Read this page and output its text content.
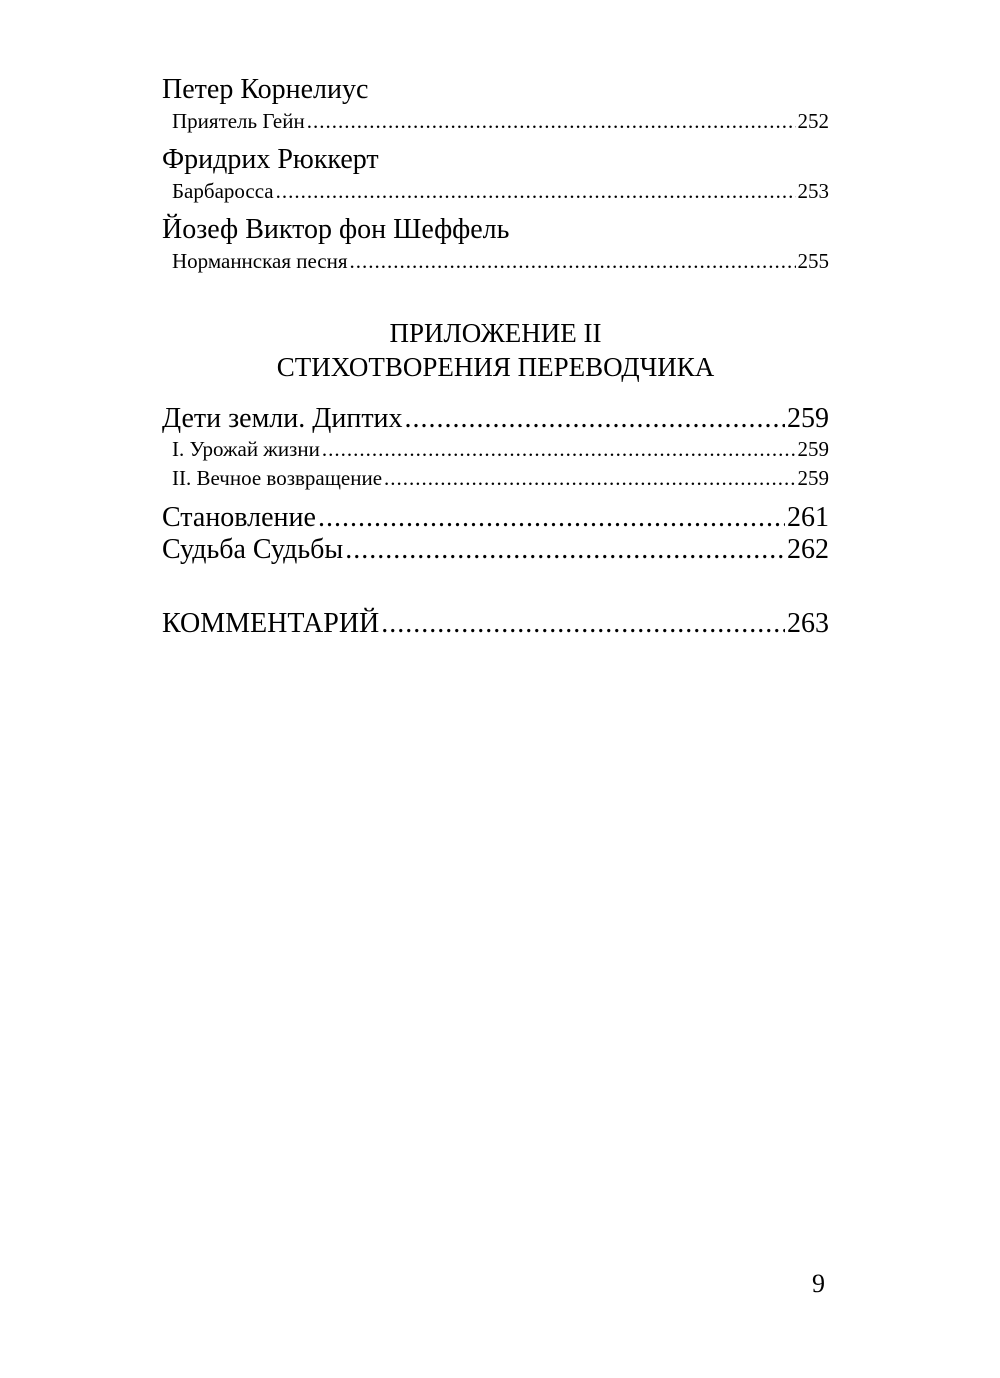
Петер Корнелиус
Приятель Гейн .....	252
Фридрих Рюккерт
Барбаросса .....	253
Йозеф Виктор фон Шеффель
Норманнская песня .....	255
ПРИЛОЖЕНИЕ II
СТИХОТВОРЕНИЯ ПЕРЕВОДЧИКА
Дети земли. Диптих .....	259
I. Урожай жизни .....	259
II. Вечное возвращение .....	259
Становление .....	261
Судьба Судьбы .....	262
КОММЕНТАРИЙ .....	263
9
